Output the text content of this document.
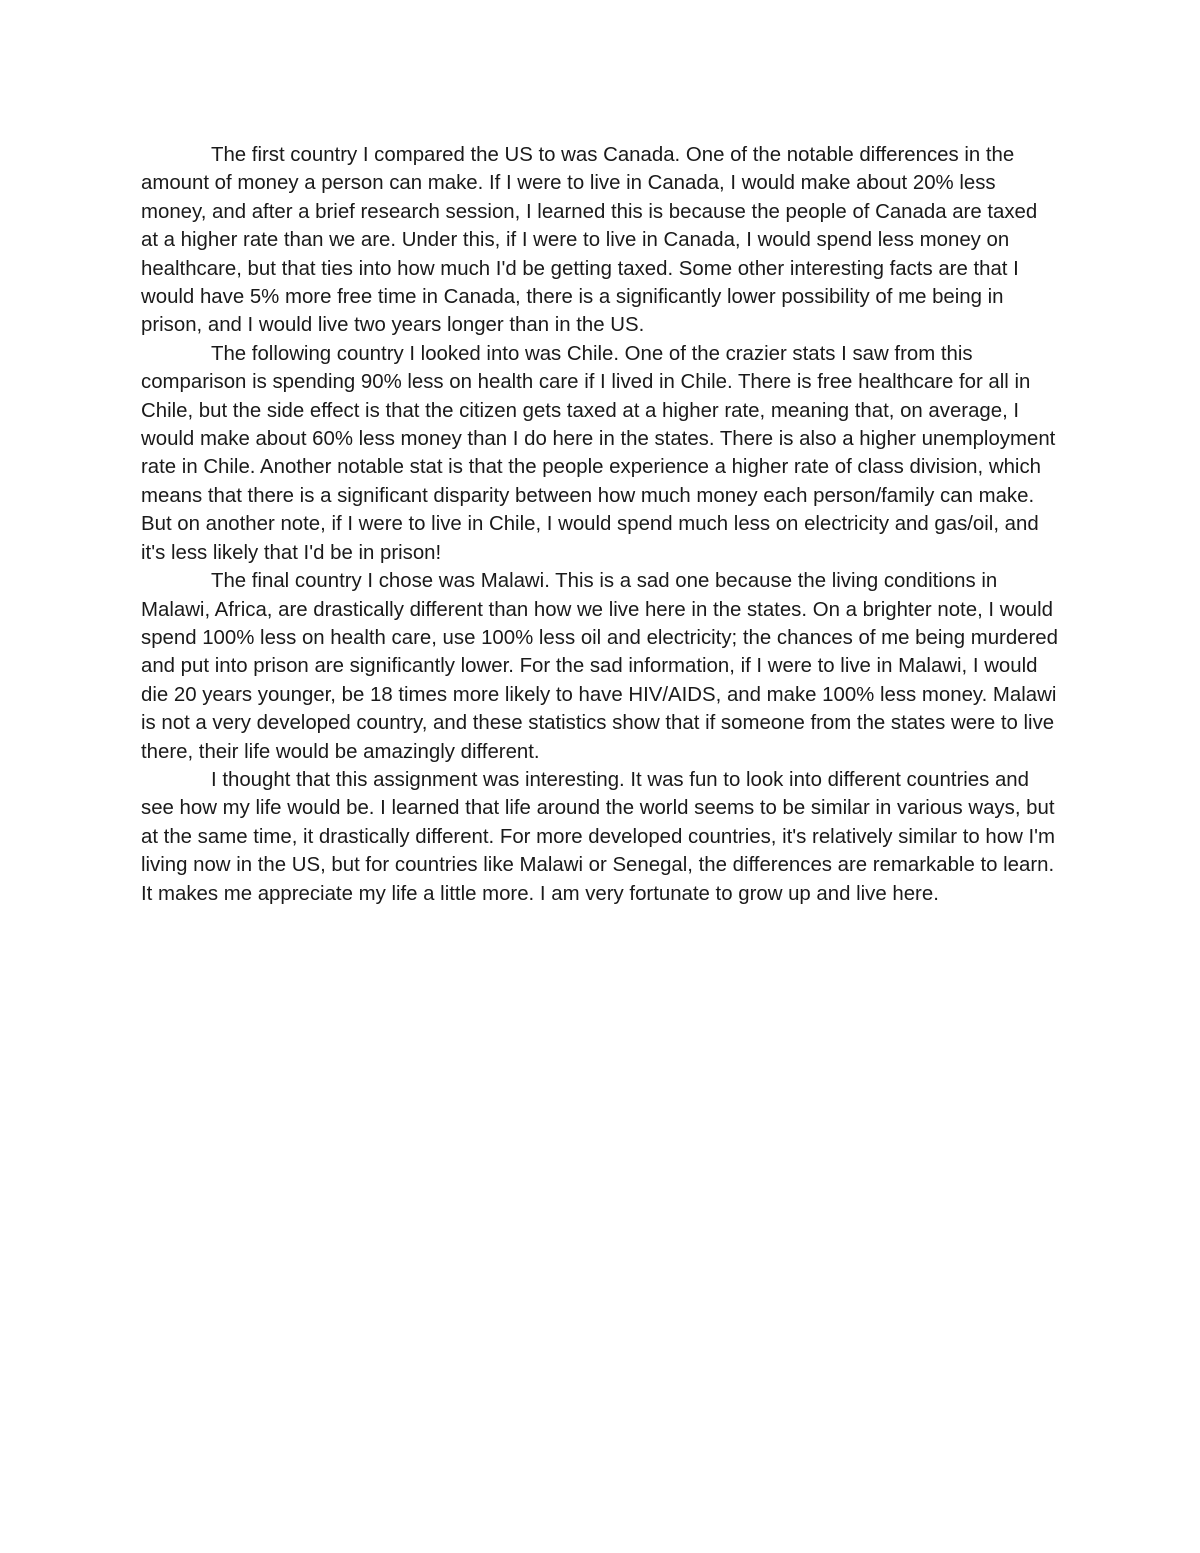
The first country I compared the US to was Canada. One of the notable differences in the amount of money a person can make. If I were to live in Canada, I would make about 20% less money, and after a brief research session, I learned this is because the people of Canada are taxed at a higher rate than we are. Under this, if I were to live in Canada, I would spend less money on healthcare, but that ties into how much I'd be getting taxed. Some other interesting facts are that I would have 5% more free time in Canada, there is a significantly lower possibility of me being in prison, and I would live two years longer than in the US.

The following country I looked into was Chile. One of the crazier stats I saw from this comparison is spending 90% less on health care if I lived in Chile. There is free healthcare for all in Chile, but the side effect is that the citizen gets taxed at a higher rate, meaning that, on average, I would make about 60% less money than I do here in the states. There is also a higher unemployment rate in Chile. Another notable stat is that the people experience a higher rate of class division, which means that there is a significant disparity between how much money each person/family can make. But on another note, if I were to live in Chile, I would spend much less on electricity and gas/oil, and it's less likely that I'd be in prison!

The final country I chose was Malawi. This is a sad one because the living conditions in Malawi, Africa, are drastically different than how we live here in the states. On a brighter note, I would spend 100% less on health care, use 100% less oil and electricity; the chances of me being murdered and put into prison are significantly lower. For the sad information, if I were to live in Malawi, I would die 20 years younger, be 18 times more likely to have HIV/AIDS, and make 100% less money. Malawi is not a very developed country, and these statistics show that if someone from the states were to live there, their life would be amazingly different.

I thought that this assignment was interesting. It was fun to look into different countries and see how my life would be. I learned that life around the world seems to be similar in various ways, but at the same time, it drastically different. For more developed countries, it's relatively similar to how I'm living now in the US, but for countries like Malawi or Senegal, the differences are remarkable to learn. It makes me appreciate my life a little more. I am very fortunate to grow up and live here.
